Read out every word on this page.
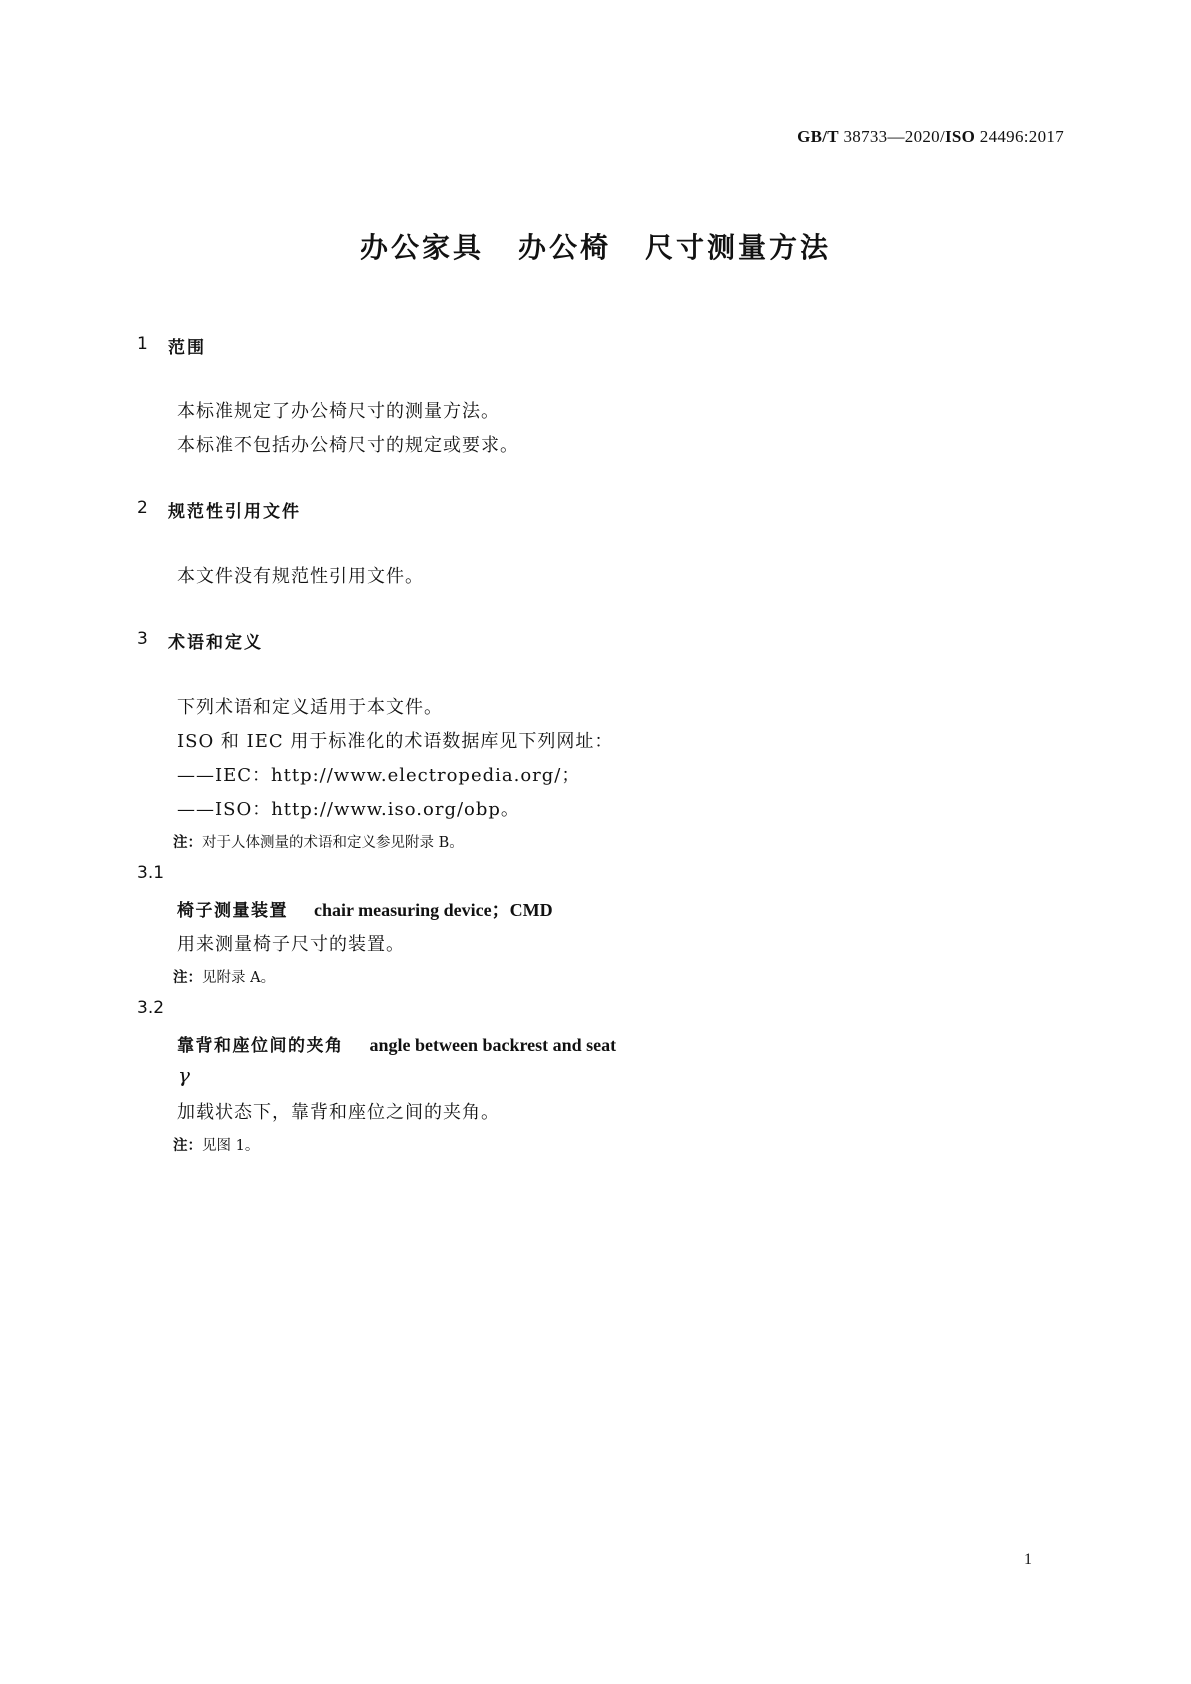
GB/T 38733—2020/ISO 24496:2017
办公家具 办公椅 尺寸测量方法
1 范围
本标准规定了办公椅尺寸的测量方法。
本标准不包括办公椅尺寸的规定或要求。
2 规范性引用文件
本文件没有规范性引用文件。
3 术语和定义
下列术语和定义适用于本文件。
ISO 和 IEC 用于标准化的术语数据库见下列网址：
——IEC：http://www.electropedia.org/；
——ISO：http://www.iso.org/obp。
注：对于人体测量的术语和定义参见附录 B。
3.1
椅子测量装置 chair measuring device；CMD
用来测量椅子尺寸的装置。
注：见附录 A。
3.2
靠背和座位间的夹角 angle between backrest and seat
γ
加载状态下，靠背和座位之间的夹角。
注：见图 1。
1
